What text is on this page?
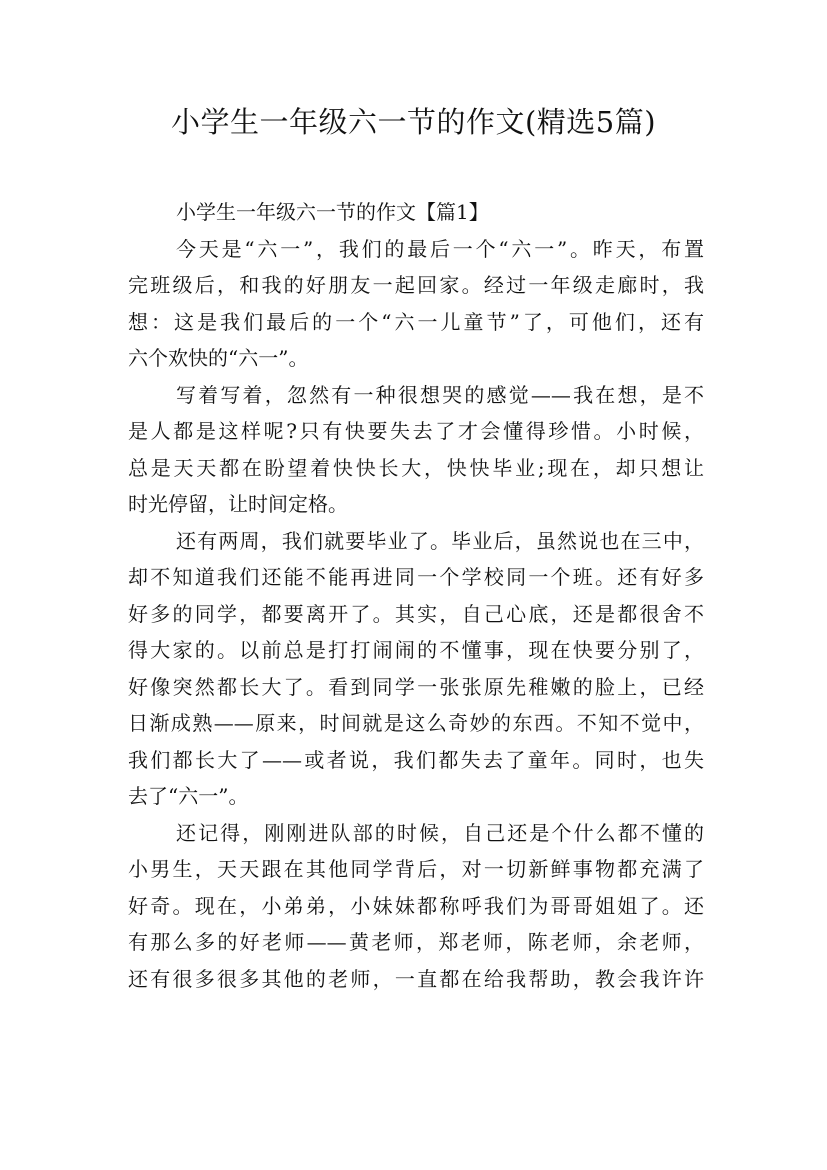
小学生一年级六一节的作文(精选5篇)

小学生一年级六一节的作文【篇1】

今天是“六一”，我们的最后一个“六一”。昨天，布置
完班级后，和我的好朋友一起回家。经过一年级走廊时，我
想：这是我们最后的一个“六一儿童节”了，可他们，还有
六个欢快的“六一”。

写着写着，忽然有一种很想哭的感觉——我在想，是不
是人都是这样呢?只有快要失去了才会懂得珍惜。小时候，
总是天天都在盼望着快快长大，快快毕业;现在，却只想让
时光停留，让时间定格。

还有两周，我们就要毕业了。毕业后，虽然说也在三中，
却不知道我们还能不能再进同一个学校同一个班。还有好多
好多的同学，都要离开了。其实，自己心底，还是都很舍不
得大家的。以前总是打打闹闹的不懂事，现在快要分别了，
好像突然都长大了。看到同学一张张原先稚嫩的脸上，已经
日渐成熟——原来，时间就是这么奇妙的东西。不知不觉中，
我们都长大了——或者说，我们都失去了童年。同时，也失
去了“六一”。

还记得，刚刚进队部的时候，自己还是个什么都不懂的
小男生，天天跟在其他同学背后，对一切新鲜事物都充满了
好奇。现在，小弟弟，小妹妹都称呼我们为哥哥姐姐了。还
有那么多的好老师——黄老师，郑老师，陈老师，余老师，
还有很多很多其他的老师，一直都在给我帮助，教会我许许
